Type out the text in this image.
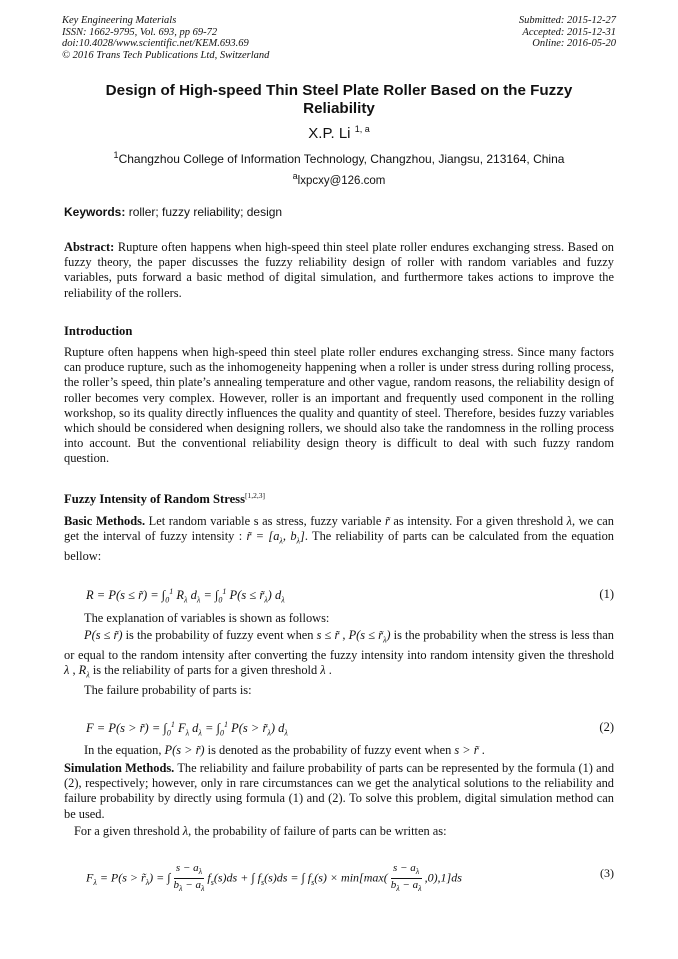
Key Engineering Materials
ISSN: 1662-9795, Vol. 693, pp 69-72
doi:10.4028/www.scientific.net/KEM.693.69
© 2016 Trans Tech Publications Ltd, Switzerland
Submitted: 2015-12-27
Accepted: 2015-12-31
Online: 2016-05-20
Design of High-speed Thin Steel Plate Roller Based on the Fuzzy Reliability
X.P. Li $^{1, a}$
$^1$Changzhou College of Information Technology, Changzhou, Jiangsu, 213164, China
$^a$lxpcxy@126.com
Keywords: roller; fuzzy reliability; design
Abstract: Rupture often happens when high-speed thin steel plate roller endures exchanging stress. Based on fuzzy theory, the paper discusses the fuzzy reliability design of roller with random variables and fuzzy variables, puts forward a basic method of digital simulation, and furthermore takes actions to improve the reliability of the rollers.
Introduction
Rupture often happens when high-speed thin steel plate roller endures exchanging stress. Since many factors can produce rupture, such as the inhomogeneity happening when a roller is under stress during rolling process, the roller’s speed, thin plate’s annealing temperature and other vague, random reasons, the reliability design of roller becomes very complex. However, roller is an important and frequently used component in the rolling workshop, so its quality directly influences the quality and quantity of steel. Therefore, besides fuzzy variables which should be considered when designing rollers, we should also take the randomness in the rolling process into account. But the conventional reliability design theory is difficult to deal with such fuzzy random question.
Fuzzy Intensity of Random Stress[1,2,3]
Basic Methods. Let random variable s as stress, fuzzy variable r̃ as intensity. For a given threshold λ, we can get the interval of fuzzy intensity : r̃ = [$a_\lambda$, $b_\lambda$]. The reliability of parts can be calculated from the equation bellow:
R = P(s ≤ r̃) = $\int_0^1$ $R_\lambda$ $d_\lambda = \int_0^1$ $P(s \le r̃_\lambda)$ $d_\lambda$	(1)
The explanation of variables is shown as follows:
P(s ≤ r̃) is the probability of fuzzy event when s ≤ r̃ , $P(s \le r̃_\lambda)$ is the probability when the stress is less than or equal to the random intensity after converting the fuzzy intensity into random intensity given the threshold λ , $R_\lambda$ is the reliability of parts for a given threshold λ .
The failure probability of parts is:
F = P(s > r̃) = $\int_0^1$ $F_\lambda$ $d_\lambda = \int_0^1$ $P(s > r̃_\lambda)$ $d_\lambda$	(2)
In the equation, P(s > r̃) is denoted as the probability of fuzzy event when s > r̃ .
Simulation Methods. The reliability and failure probability of parts can be represented by the formula (1) and (2), respectively; however, only in rare circumstances can we get the analytical solutions to the reliability and failure probability by directly using formula (1) and (2). To solve this problem, digital simulation method can be used.
For a given threshold λ, the probability of failure of parts can be written as:
$F_\lambda = P(s$ > $r̃_\lambda$) = ∫ $\frac{s - a_\lambda}{b_\lambda - a_\lambda} f_s(s)ds$ + ∫ $f_s(s)ds$ = ∫ $f_s(s) \times \min[\max( \frac{s - a_\lambda}{b_\lambda - a_\lambda} ,0),1]ds$	(3)
